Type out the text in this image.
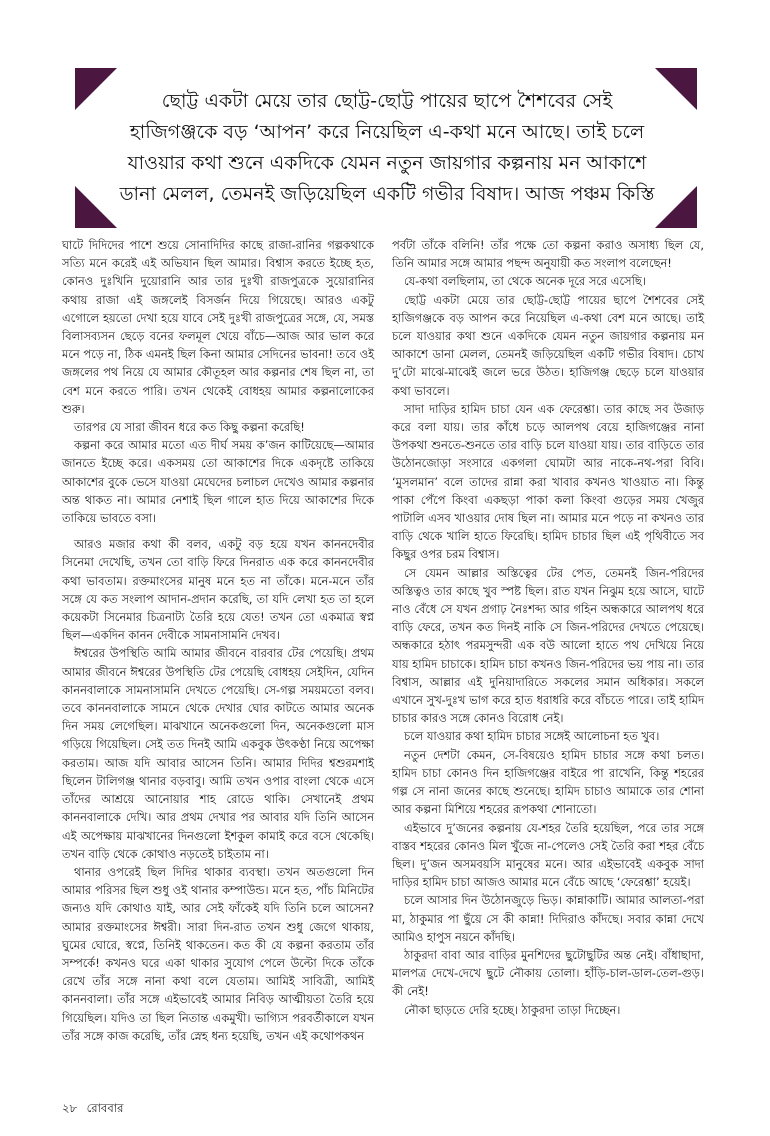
ছোট্ট একটা মেয়ে তার ছোট্ট-ছোট্ট পায়ের ছাপে শৈশবের সেই
হাজিগঞ্জকে বড় ‘আপন’ করে নিয়েছিল এ-কথা মনে আছে। তাই চলে
যাওয়ার কথা শুনে একদিকে যেমন নতুন জায়গার কল্পনায় মন আকাশে
ডানা মেলল, তেমনই জড়িয়েছিল একটি গভীর বিষাদ। আজ পঞ্চম কিস্তি

ঘাটে দিদিদের পাশে শুয়ে সোনাদিদির কাছে রাজা-রানির গল্পকথাকে সত্যি মনে করেই এই অভিযান ছিল আমার। বিশ্বাস করতে ইচ্ছে হত, কোনও দুঃখিনি দুয়োরানি আর তার দুঃখী রাজপুত্রকে সুয়োরানির কথায় রাজা এই জঙ্গলেই বিসর্জন দিয়ে গিয়েছে। আরও একটু এগোলে হয়তো দেখা হয়ে যাবে সেই দুঃখী রাজপুত্রের সঙ্গে, যে, সমস্ত বিলাসব্যসন ছেড়ে বনের ফলমূল খেয়ে বাঁচে—আজ আর ভাল করে মনে পড়ে না, ঠিক এমনই ছিল কিনা আমার সেদিনের ভাবনা! তবে ওই জঙ্গলের পথ নিয়ে যে আমার কৌতূহল আর কল্পনার শেষ ছিল না, তা বেশ মনে করতে পারি। তখন থেকেই বোধহয় আমার কল্পনালোকের শুরু।

তারপর যে সারা জীবন ধরে কত কিছু কল্পনা করেছি!

কল্পনা করে আমার মতো এত দীর্ঘ সময় ক’জন কাটিয়েছে—আমার জানতে ইচ্ছে করে। একসময় তো আকাশের দিকে একদৃষ্টে তাকিয়ে আকাশের বুকে ভেসে যাওয়া মেঘেদের চলাচল দেখেও আমার কল্পনার অন্ত থাকত না। আমার নেশাই ছিল গালে হাত দিয়ে আকাশের দিকে তাকিয়ে ভাবতে বসা।

আরও মজার কথা কী বলব, একটু বড় হয়ে যখন কাননদেবীর সিনেমা দেখেছি, তখন তো বাড়ি ফিরে দিনরাত এক করে কাননদেবীর কথা ভাবতাম। রক্তমাংসের মানুষ মনে হত না তাঁকে। মনে-মনে তাঁর সঙ্গে যে কত সংলাপ আদান-প্রদান করেছি, তা যদি লেখা হত তা হলে কয়েকটা সিনেমার চিত্রনাট্য তৈরি হয়ে যেত! তখন তো একমাত্র স্বপ্ন ছিল—একদিন কানন দেবীকে সামনাসামনি দেখব।

ঈশ্বরের উপস্থিতি আমি আমার জীবনে বারবার টের পেয়েছি। প্রথম আমার জীবনে ঈশ্বরের উপস্থিতি টের পেয়েছি বোধহয় সেইদিন, যেদিন কাননবালাকে সামনাসামনি দেখতে পেয়েছি। সে-গল্প সময়মতো বলব। তবে কাননবালাকে সামনে থেকে দেখার ঘোর কাটতে আমার অনেক দিন সময় লেগেছিল। মাঝখানে অনেকগুলো দিন, অনেকগুলো মাস গড়িয়ে গিয়েছিল। সেই তত দিনই আমি একবুক উৎকণ্ঠা নিয়ে অপেক্ষা করতাম। আজ যদি আবার আসেন তিনি। আমার দিদির শ্বশুরমশাই ছিলেন টালিগঞ্জ থানার বড়বাবু। আমি তখন ওপার বাংলা থেকে এসে তাঁদের আশ্রয়ে আনোয়ার শাহ রোডে থাকি। সেখানেই প্রথম কাননবালাকে দেখি। আর প্রথম দেখার পর আবার যদি তিনি আসেন এই অপেক্ষায় মাঝখানের দিনগুলো ইশকুল কামাই করে বসে থেকেছি। তখন বাড়ি থেকে কোথাও নড়তেই চাইতাম না।

থানার ওপরেই ছিল দিদির থাকার ব্যবস্থা। তখন অতগুলো দিন আমার পরিসর ছিল শুধু ওই থানার কম্পাউন্ড। মনে হত, পাঁচ মিনিটের জন্যও যদি কোথাও যাই, আর সেই ফাঁকেই যদি তিনি চলে আসেন? আমার রক্তমাংসের ঈশ্বরী। সারা দিন-রাত তখন শুধু জেগে থাকায়, ঘুমের ঘোরে, স্বপ্নে, তিনিই থাকতেন। কত কী যে কল্পনা করতাম তাঁর সম্পর্কে! কখনও ঘরে একা থাকার সুযোগ পেলে উল্টো দিকে তাঁকে রেখে তাঁর সঙ্গে নানা কথা বলে যেতাম। আমিই সাবিত্রী, আমিই কাননবালা। তাঁর সঙ্গে এইভাবেই আমার নিবিড় আত্মীয়তা তৈরি হয়ে গিয়েছিল। যদিও তা ছিল নিতান্ত একমুখী। ভাগ্যিস পরবর্তীকালে যখন তাঁর সঙ্গে কাজ করেছি, তাঁর স্নেহ ধন্য হয়েছি, তখন এই কথোপকথন

পর্বটা তাঁকে বলিনি! তাঁর পক্ষে তো কল্পনা করাও অসাধ্য ছিল যে, তিনি আমার সঙ্গে আমার পছন্দ অনুযায়ী কত সংলাপ বলেছেন!

যে-কথা বলছিলাম, তা থেকে অনেক দূরে সরে এসেছি।

ছোট্ট একটা মেয়ে তার ছোট্ট-ছোট্ট পায়ের ছাপে শৈশবের সেই হাজিগঞ্জকে বড় আপন করে নিয়েছিল এ-কথা বেশ মনে আছে। তাই চলে যাওয়ার কথা শুনে একদিকে যেমন নতুন জায়গার কল্পনায় মন আকাশে ডানা মেলল, তেমনই জড়িয়েছিল একটি গভীর বিষাদ। চোখ দু’টো মাঝে-মাঝেই জলে ভরে উঠত। হাজিগঞ্জ ছেড়ে চলে যাওয়ার কথা ভাবলে।

সাদা দাড়ির হামিদ চাচা যেন এক ফেরেশ্তা। তার কাছে সব উজাড় করে বলা যায়। তার কাঁধে চড়ে আলপথ বেয়ে হাজিগঞ্জের নানা উপকথা শুনতে-শুনতে তার বাড়ি চলে যাওয়া যায়। তার বাড়িতে তার উঠোনজোড়া সংসারে একগলা ঘোমটা আর নাকে-নথ-পরা বিবি। ‘মুসলমান’ বলে তাদের রান্না করা খাবার কখনও খাওয়াত না। কিন্তু পাকা পেঁপে কিংবা একছড়া পাকা কলা কিংবা গুড়ের সময় খেজুর পাটালি এসব খাওয়ার দোষ ছিল না। আমার মনে পড়ে না কখনও তার বাড়ি থেকে খালি হাতে ফিরেছি। হামিদ চাচার ছিল এই পৃথিবীতে সব কিছুর ওপর চরম বিশ্বাস।

সে যেমন আল্লার অস্তিত্বের টের পেত, তেমনই জিন-পরিদের অস্তিত্বও তার কাছে খুব স্পষ্ট ছিল। রাত যখন নিঝুম হয়ে আসে, ঘাটে নাও বেঁধে সে যখন প্রগাঢ় নৈঃশব্দ্য আর গহিন অন্ধকারে আলপথ ধরে বাড়ি ফেরে, তখন কত দিনই নাকি সে জিন-পরিদের দেখতে পেয়েছে। অন্ধকারে হঠাৎ পরমসুন্দরী এক বউ আলো হাতে পথ দেখিয়ে নিয়ে যায় হামিদ চাচাকে। হামিদ চাচা কখনও জিন-পরিদের ভয় পায় না। তার বিশ্বাস, আল্লার এই দুনিয়াদারিতে সকলের সমান অধিকার। সকলে এখানে সুখ-দুঃখ ভাগ করে হাত ধরাধরি করে বাঁচতে পারে। তাই হামিদ চাচার কারও সঙ্গে কোনও বিরোধ নেই।

চলে যাওয়ার কথা হামিদ চাচার সঙ্গেই আলোচনা হত খুব।

নতুন দেশটা কেমন, সে-বিষয়েও হামিদ চাচার সঙ্গে কথা চলত। হামিদ চাচা কোনও দিন হাজিগঞ্জের বাইরে পা রাখেনি, কিন্তু শহরের গল্প সে নানা জনের কাছে শুনেছে। হামিদ চাচাও আমাকে তার শোনা আর কল্পনা মিশিয়ে শহরের রূপকথা শোনাতো।

এইভাবে দু’জনের কল্পনায় যে-শহর তৈরি হয়েছিল, পরে তার সঙ্গে বাস্তব শহরের কোনও মিল খুঁজে না-পেলেও সেই তৈরি করা শহর বেঁচে ছিল। দু’জন অসমবয়সি মানুষের মনে। আর এইভাবেই একবুক সাদা দাড়ির হামিদ চাচা আজও আমার মনে বেঁচে আছে ‘ফেরেশ্তা’ হয়েই।

চলে আসার দিন উঠোনজুড়ে ভিড়। কান্নাকাটি। আমার আলতা-পরা মা, ঠাকুমার পা ছুঁয়ে সে কী কান্না! দিদিরাও কাঁদছে। সবার কান্না দেখে আমিও হাপুস নয়নে কাঁদছি।

ঠাকুরদা বাবা আর বাড়ির মুনশিদের ছুটোছুটির অন্ত নেই। বাঁধাছাদা, মালপত্র দেখে-দেখে ছুটে নৌকায় তোলা। হাঁড়ি-চাল-ডাল-তেল-গুড়। কী নেই!

নৌকা ছাড়তে দেরি হচ্ছে। ঠাকুরদা তাড়া দিচ্ছেন।

২৮ রোববার
